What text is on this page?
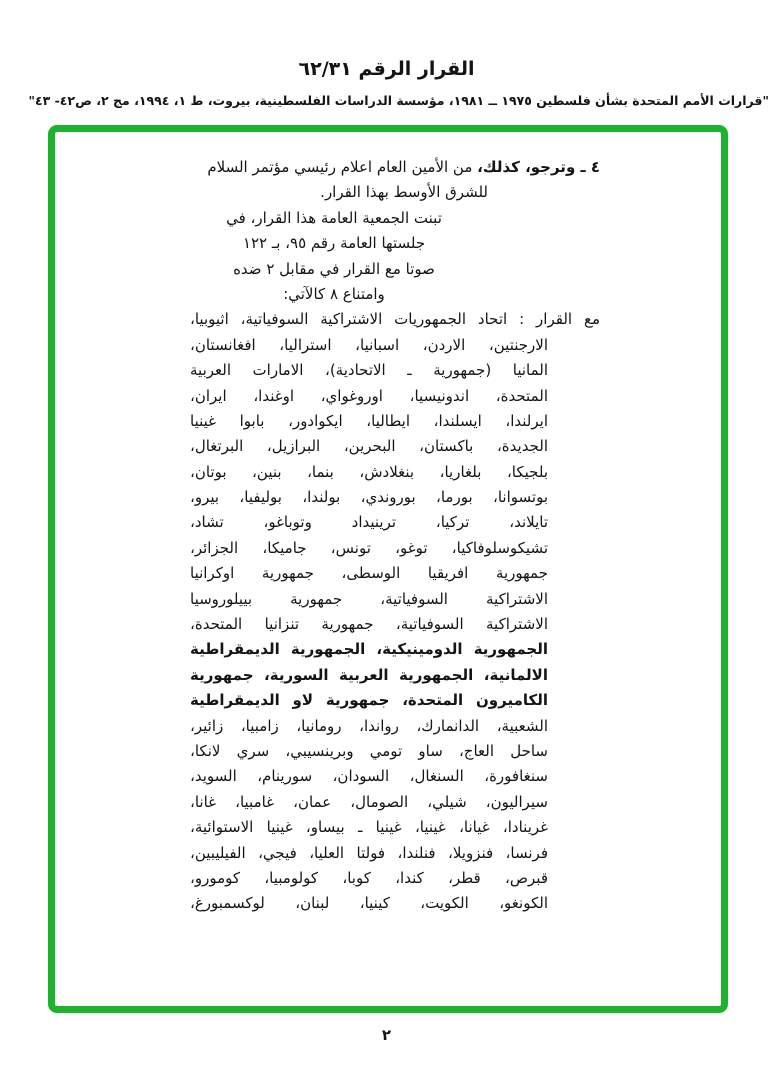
القرار الرقم ٦٢/٣١
"قرارات الأمم المتحدة بشأن فلسطين ١٩٧٥ ــ ١٩٨١، مؤسسة الدراسات الفلسطينية، بيروت، ط ١، ١٩٩٤، مج ٢، ص٤٢- ٤٣"
٤ ـ وترجو، كذلك، من الأمين العام اعلام رئيسي مؤتمر السلام
للشرق الأوسط بهذا القرار.
تبنت الجمعية العامة هذا القرار، في
جلستها العامة رقم ٩٥، بـ ١٢٢
صوتا مع القرار في مقابل ٢ ضده
وامتناع ٨ كالآتي:
مع القرار : اتحاد الجمهوريات الاشتراكية السوفياتية، اثيوبيا،
الارجنتين، الاردن، اسبانيا، استراليا، افغانستان،
المانيا (جمهورية ـ الاتحادية)، الامارات العربية
المتحدة، اندونيسيا، اوروغواي، اوغندا، ايران،
ايرلندا، ايسلندا، ايطاليا، ايكوادور، بابوا غينيا
الجديدة، باكستان، البحرين، البرازيل، البرتغال،
بلجيكا، بلغاريا، بنغلادش، بنما، بنين، بوتان،
بوتسوانا، بورما، بوروندي، بولندا، بوليفيا، بيرو،
تايلاند، تركيا، ترينيداد وتوباغو، تشاد،
تشيكوسلوفاكيا، توغو، تونس، جاميكا، الجزائر،
جمهورية افريقيا الوسطى، جمهورية اوكرانيا
الاشتراكية السوفياتية، جمهورية بييلوروسيا
الاشتراكية السوفياتية، جمهورية تنزانيا المتحدة،
الجمهورية الدومينيكية، الجمهورية الديمقراطية
الالمانية، الجمهورية العربية السورية، جمهورية
الكاميرون المتحدة، جمهورية لاو الديمقراطية
الشعبية، الدانمارك، رواندا، رومانيا، زامبيا، زائير،
ساحل العاج، ساو تومي وبرينسيبي، سري لانكا،
سنغافورة، السنغال، السودان، سورينام، السويد،
سيراليون، شيلي، الصومال، عمان، غامبيا، غانا،
غرينادا، غيانا، غينيا، غينيا ـ بيساو، غينيا الاستوائية،
فرنسا، فنزويلا، فنلندا، فولتا العليا، فيجي، الفيليبين،
قبرص، قطر، كندا، كوبا، كولومبيا، كومورو،
الكونغو، الكويت، كينيا، لبنان، لوكسمبورغ،
٢
